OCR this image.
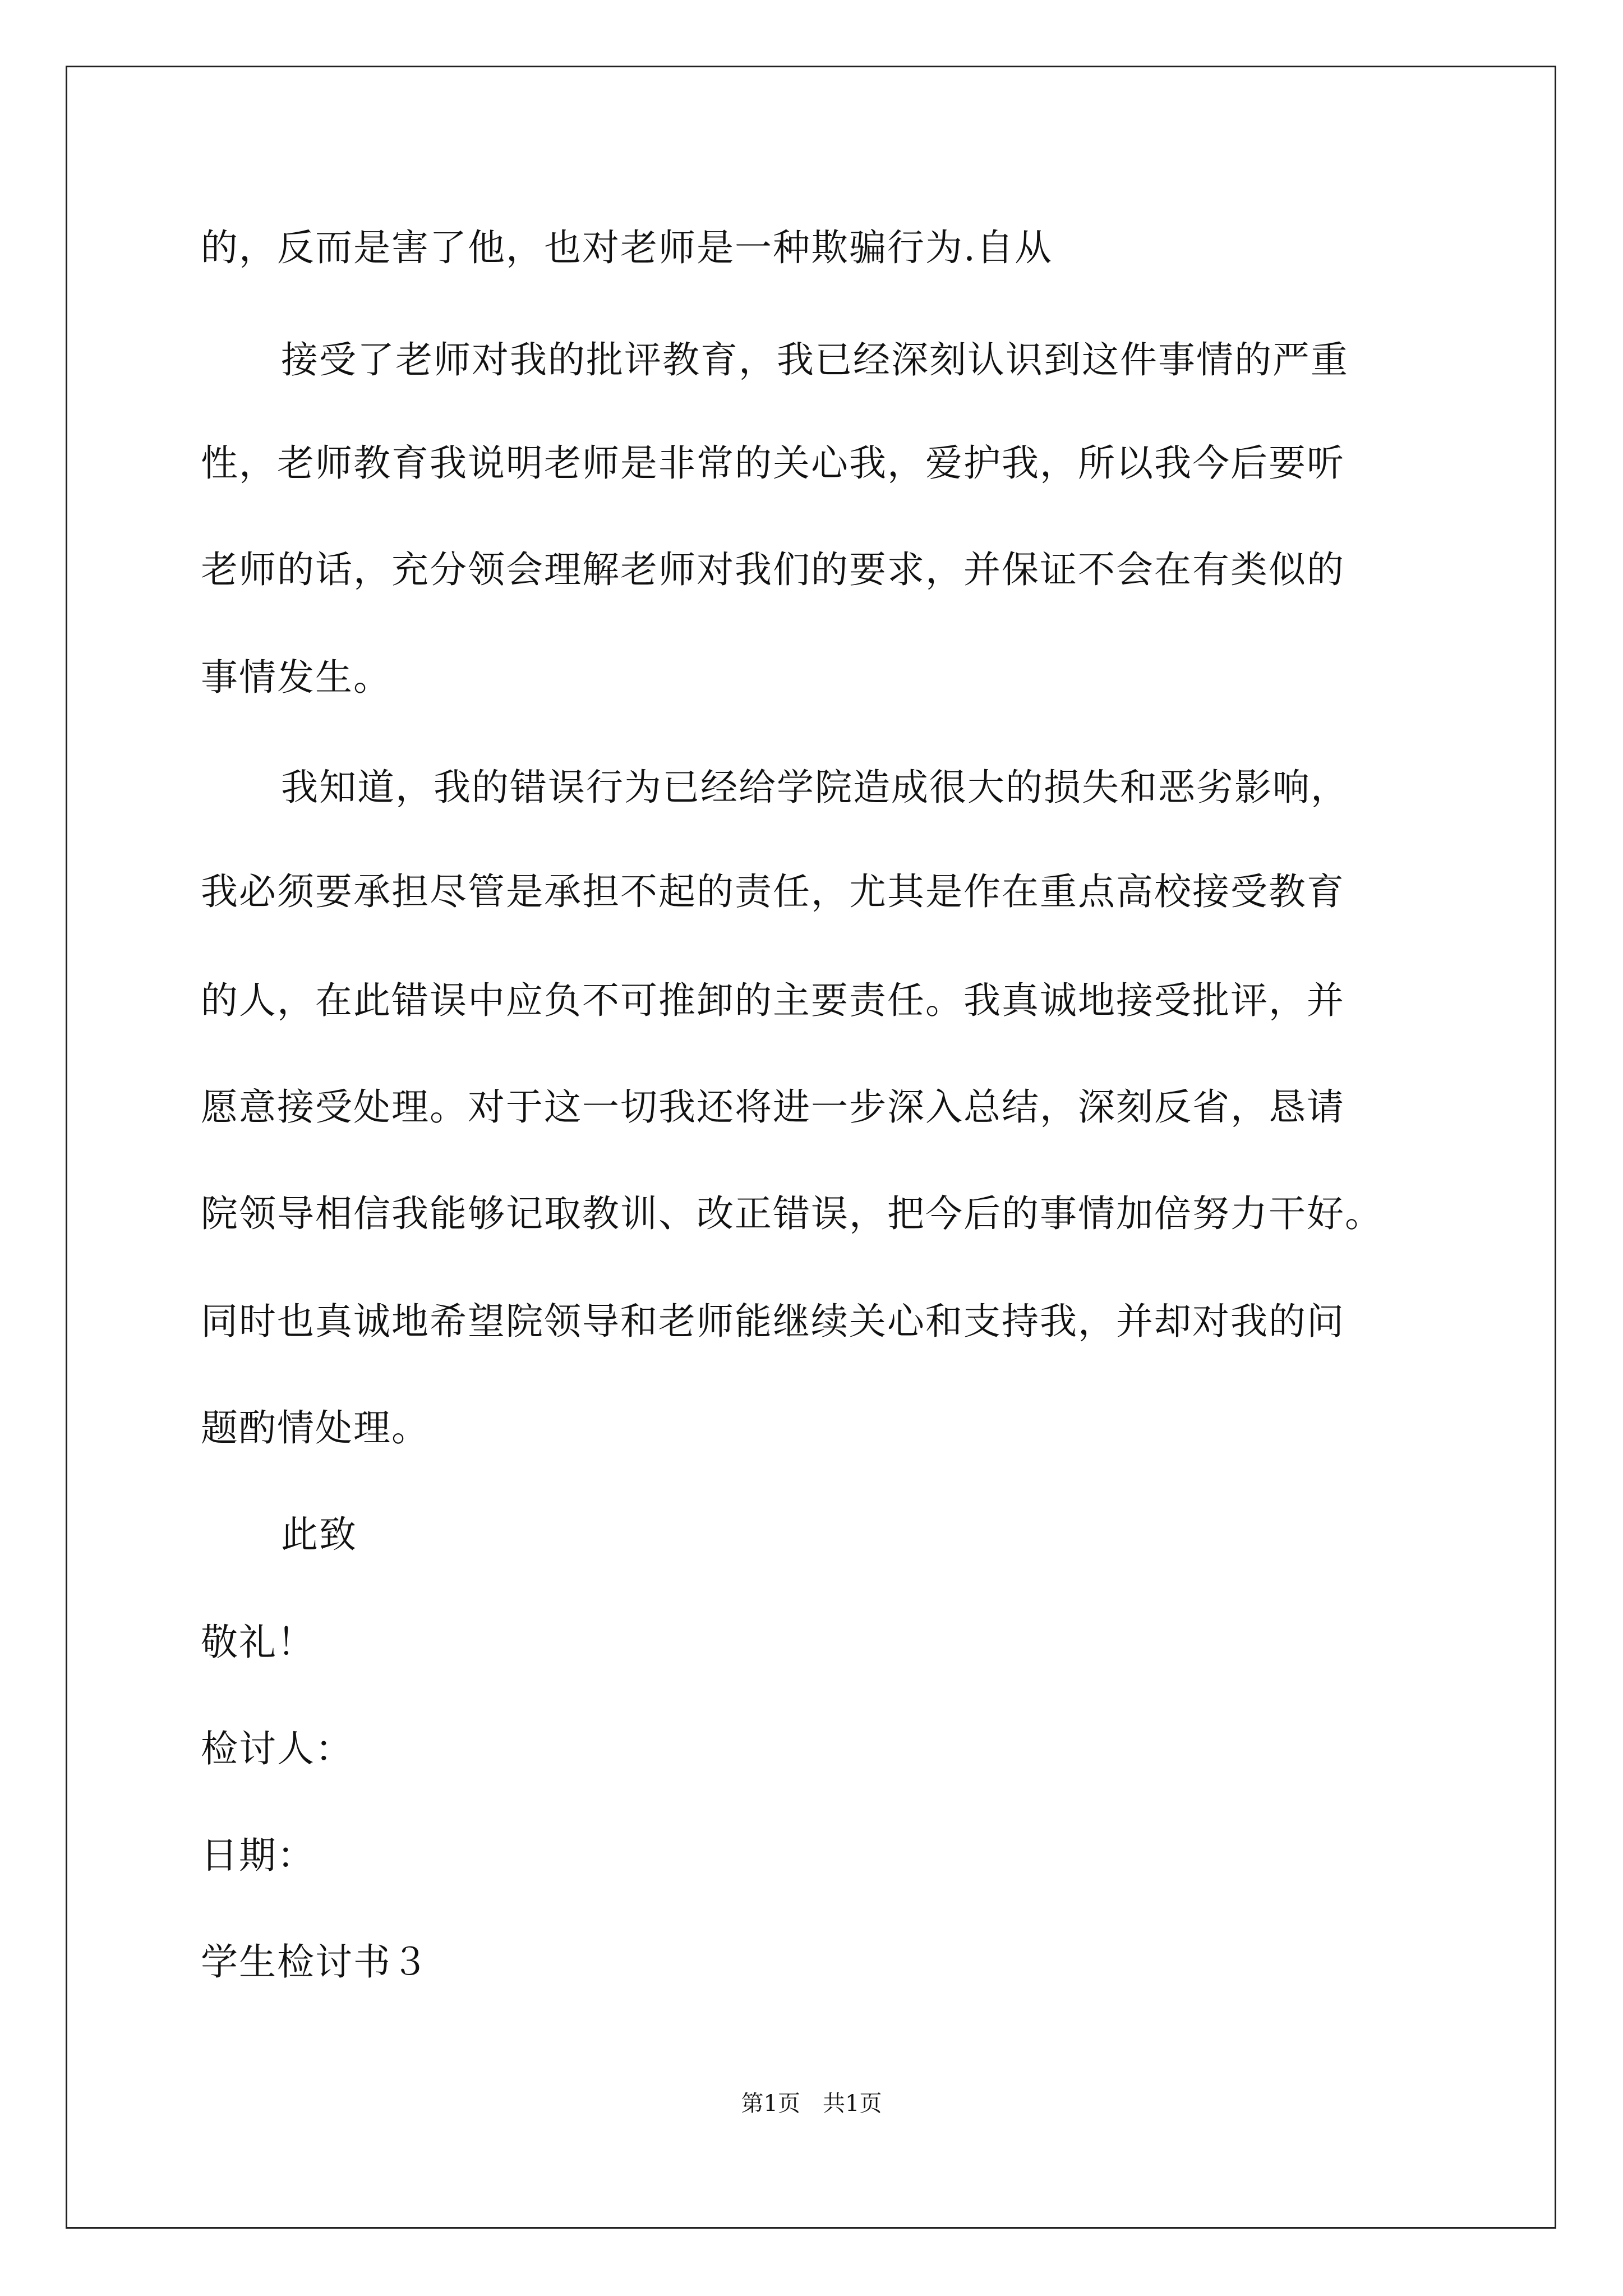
的，反而是害了他，也对老师是一种欺骗行为.自从
接受了老师对我的批评教育，我已经深刻认识到这件事情的严重
性，老师教育我说明老师是非常的关心我，爱护我，所以我今后要听
老师的话，充分领会理解老师对我们的要求，并保证不会在有类似的
事情发生。
我知道，我的错误行为已经给学院造成很大的损失和恶劣影响，
我必须要承担尽管是承担不起的责任，尤其是作在重点高校接受教育
的人，在此错误中应负不可推卸的主要责任。我真诚地接受批评，并
愿意接受处理。对于这一切我还将进一步深入总结，深刻反省，恳请
院领导相信我能够记取教训、改正错误，把今后的事情加倍努力干好。
同时也真诚地希望院领导和老师能继续关心和支持我，并却对我的问
题酌情处理。
此致
敬礼！
检讨人：
日期：
学生检讨书３
第1页　共1页
